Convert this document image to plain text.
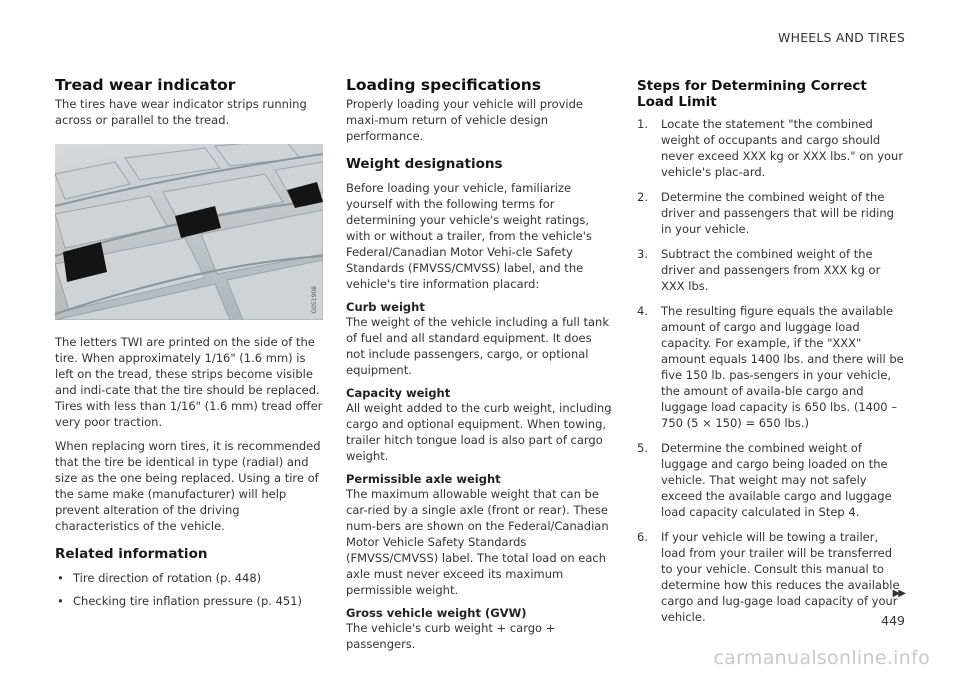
WHEELS AND TIRES
Tread wear indicator

The tires have wear indicator strips running across or parallel to the tread.

G051908

The letters TWI are printed on the side of the tire. When approximately 1/16" (1.6 mm) is left on the tread, these strips become visible and indi-cate that the tire should be replaced. Tires with less than 1/16" (1.6 mm) tread offer very poor traction.

When replacing worn tires, it is recommended that the tire be identical in type (radial) and size as the one being replaced. Using a tire of the same make (manufacturer) will help prevent alteration of the driving characteristics of the vehicle.

Related information
• Tire direction of rotation (p. 448)
• Checking tire inflation pressure (p. 451)
Loading specifications

Properly loading your vehicle will provide maxi-mum return of vehicle design performance.

Weight designations

Before loading your vehicle, familiarize yourself with the following terms for determining your vehicle's weight ratings, with or without a trailer, from the vehicle's Federal/Canadian Motor Vehi-cle Safety Standards (FMVSS/CMVSS) label, and the vehicle's tire information placard:

Curb weight

The weight of the vehicle including a full tank of fuel and all standard equipment. It does not include passengers, cargo, or optional equipment.

Capacity weight

All weight added to the curb weight, including cargo and optional equipment. When towing, trailer hitch tongue load is also part of cargo weight.

Permissible axle weight

The maximum allowable weight that can be car-ried by a single axle (front or rear). These num-bers are shown on the Federal/Canadian Motor Vehicle Safety Standards (FMVSS/CMVSS) label. The total load on each axle must never exceed its maximum permissible weight.

Gross vehicle weight (GVW)

The vehicle's curb weight + cargo + passengers.

Steps for Determining Correct Load Limit
1. Locate the statement "the combined weight of occupants and cargo should never exceed XXX kg or XXX lbs." on your vehicle's plac-ard.
2. Determine the combined weight of the driver and passengers that will be riding in your vehicle.
3. Subtract the combined weight of the driver and passengers from XXX kg or XXX lbs.
4. The resulting figure equals the available amount of cargo and luggage load capacity. For example, if the "XXX" amount equals 1400 lbs. and there will be five 150 lb. pas-sengers in your vehicle, the amount of availa-ble cargo and luggage load capacity is 650 lbs. (1400 – 750 (5 × 150) = 650 lbs.)
5. Determine the combined weight of luggage and cargo being loaded on the vehicle. That weight may not safely exceed the available cargo and luggage load capacity calculated in Step 4.
6. If your vehicle will be towing a trailer, load from your trailer will be transferred to your vehicle. Consult this manual to determine how this reduces the available cargo and lug-gage load capacity of your vehicle.
▶▶
449
carmanualsonline.info
